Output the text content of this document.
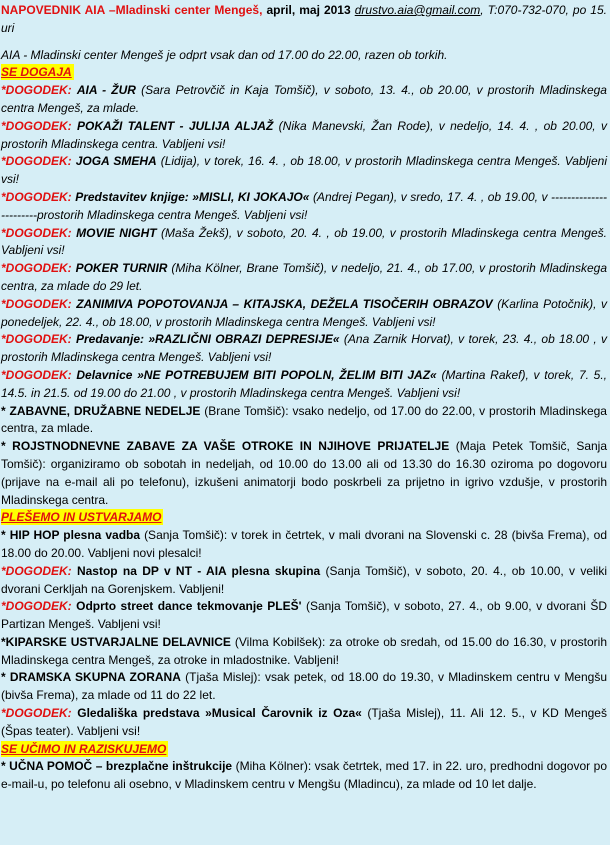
NAPOVEDNIK AIA –Mladinski center Mengeš, april, maj 2013 drustvo.aia@gmail.com, T:070-732-070, po 15. uri

AIA - Mladinski center Mengeš je odprt vsak dan od 17.00 do 22.00, razen ob torkih.

SE DOGAJA

*DOGODEK: AIA - ŽUR (Sara Petrovčič in Kaja Tomšič), v soboto, 13. 4., ob 20.00, v prostorih Mladinskega centra Mengeš, za mlade.

*DOGODEK: POKAŽI TALENT - JULIJA ALJAŽ (Nika Manevski, Žan Rode), v nedeljo, 14. 4. , ob 20.00, v prostorih Mladinskega centra. Vabljeni vsi!

*DOGODEK: JOGA SMEHA (Lidija), v torek, 16. 4. , ob 18.00, v prostorih Mladinskega centra Mengeš. Vabljeni vsi!

*DOGODEK: Predstavitev knjige: »MISLI, KI JOKAJO« (Andrej Pegan), v sredo, 17. 4. , ob 19.00, v -----------------------prostorih Mladinskega centra Mengeš. Vabljeni vsi!

*DOGODEK: MOVIE NIGHT (Maša Žekš), v soboto, 20. 4. , ob 19.00, v prostorih Mladinskega centra Mengeš. Vabljeni vsi!

*DOGODEK: POKER TURNIR (Miha Kölner, Brane Tomšič), v nedeljo, 21. 4., ob 17.00, v prostorih Mladinskega centra, za mlade do 29 let.

*DOGODEK: ZANIMIVA POPOTOVANJA – KITAJSKA, DEŽELA TISOČERIH OBRAZOV (Karlina Potočnik), v ponedeljek, 22. 4., ob 18.00, v prostorih Mladinskega centra Mengeš. Vabljeni vsi!

*DOGODEK: Predavanje: »RAZLIČNI OBRAZI DEPRESIJE« (Ana Zarnik Horvat), v torek, 23. 4., ob 18.00 , v prostorih Mladinskega centra Mengeš. Vabljeni vsi!

*DOGODEK: Delavnice »NE POTREBUJEM BITI POPOLN, ŽELIM BITI JAZ« (Martina Rakef), v torek, 7. 5., 14.5. in 21.5. od 19.00 do 21.00 , v prostorih Mladinskega centra Mengeš. Vabljeni vsi!

* ZABAVNE, DRUŽABNE NEDELJE (Brane Tomšič): vsako nedeljo, od 17.00 do 22.00, v prostorih Mladinskega centra, za mlade.

* ROJSTNODNEVNE ZABAVE ZA VAŠE OTROKE IN NJIHOVE PRIJATELJE (Maja Petek Tomšič, Sanja Tomšič): organiziramo ob sobotah in nedeljah, od 10.00 do 13.00 ali od 13.30 do 16.30 oziroma po dogovoru (prijave na e-mail ali po telefonu), izkušeni animatorji bodo poskrbeli za prijetno in igrivo vzdušje, v prostorih Mladinskega centra.

PLEŠEMO IN USTVARJAMO

* HIP HOP plesna vadba (Sanja Tomšič): v torek in četrtek, v mali dvorani na Slovenski c. 28 (bivša Frema), od 18.00 do 20.00. Vabljeni novi plesalci!

*DOGODEK: Nastop na DP v NT - AIA plesna skupina (Sanja Tomšič), v soboto, 20. 4., ob 10.00, v veliki dvorani Cerkljah na Gorenjskem. Vabljeni!

*DOGODEK: Odprto street dance tekmovanje PLEŠ' (Sanja Tomšič), v soboto, 27. 4., ob 9.00, v dvorani ŠD Partizan Mengeš. Vabljeni vsi!

*KIPARSKE USTVARJALNE DELAVNICE (Vilma Kobilšek): za otroke ob sredah, od 15.00 do 16.30, v prostorih Mladinskega centra Mengeš, za otroke in mladostnike. Vabljeni!

* DRAMSKA SKUPNA ZORANA (Tjaša Mislej): vsak petek, od 18.00 do 19.30, v Mladinskem centru v Mengšu (bivša Frema), za mlade od 11 do 22 let.

*DOGODEK: Gledališka predstava »Musical Čarovnik iz Oza« (Tjaša Mislej), 11. Ali 12. 5., v KD Mengeš (Špas teater). Vabljeni vsi!

SE UČIMO IN RAZISKUJEMO

* UČNA POMOČ – brezplačne inštrukcije (Miha Kölner): vsak četrtek, med 17. in 22. uro, predhodni dogovor po e-mail-u, po telefonu ali osebno, v Mladinskem centru v Mengšu (Mladincu), za mlade od 10 let dalje.
